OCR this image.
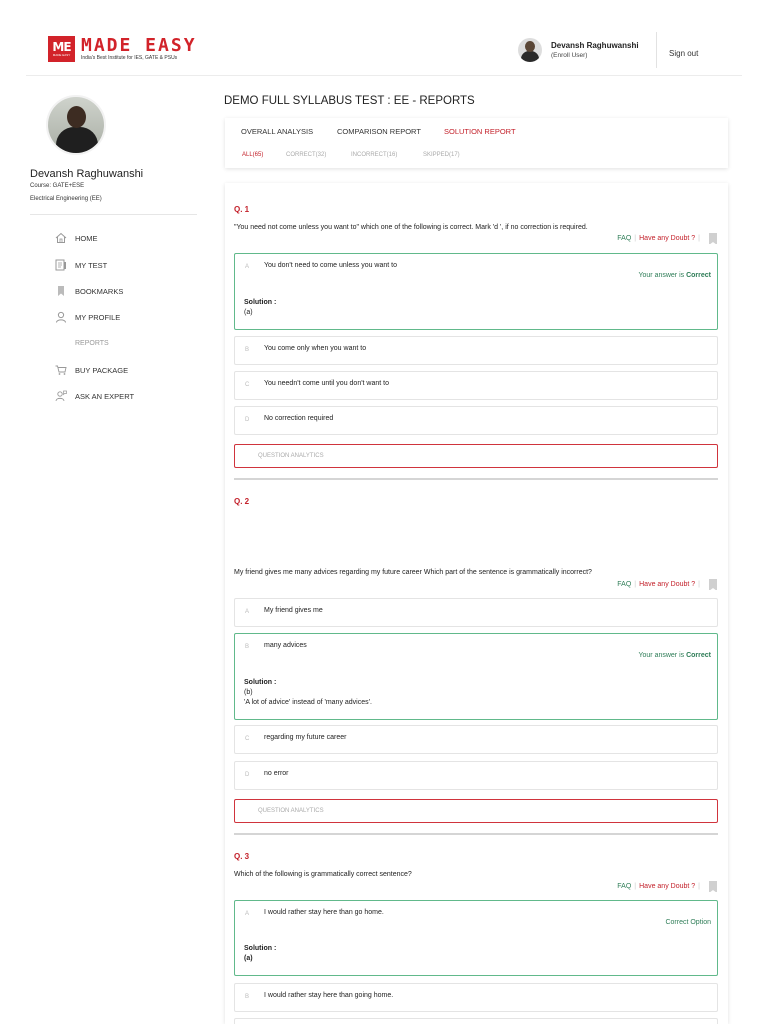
ME
MADE EASY MADE EASY
India's Best Institute for IES, GATE & PSUs
Devansh Raghuwanshi
(Enroll User)	Sign out
Devansh Raghuwanshi
Course: GATE+ESE
Electrical Engineering (EE)
HOME
MY TEST
BOOKMARKS
MY PROFILE
REPORTS
BUY PACKAGE
ASK AN EXPERT
DEMO FULL SYLLABUS TEST : EE - REPORTS
OVERALL ANALYSIS	COMPARISON REPORT	SOLUTION REPORT
ALL(65)	CORRECT(32)	INCORRECT(16)	SKIPPED(17)
Q. 1
"You need not come unless you want to" which one of the following is correct. Mark 'd ', if no correction is required.
FAQ | Have any Doubt ? |
A You don't need to come unless you want to
Your answer is Correct
Solution :
(a)
B You come only when you want to
C You needn't come until you don't want to
D No correction required
QUESTION ANALYTICS
Q. 2
My friend gives me many advices regarding my future career Which part of the sentence is grammatically incorrect?
FAQ | Have any Doubt ? |
A My friend gives me
B many advices
Your answer is Correct
Solution :
(b)
'A lot of advice' instead of 'many advices'.
C regarding my future career
D no error
QUESTION ANALYTICS
Q. 3
Which of the following is grammatically correct sentence?
FAQ | Have any Doubt ? |
A I would rather stay here than go home.
Correct Option
Solution :
(a)
B I would rather stay here than going home.
